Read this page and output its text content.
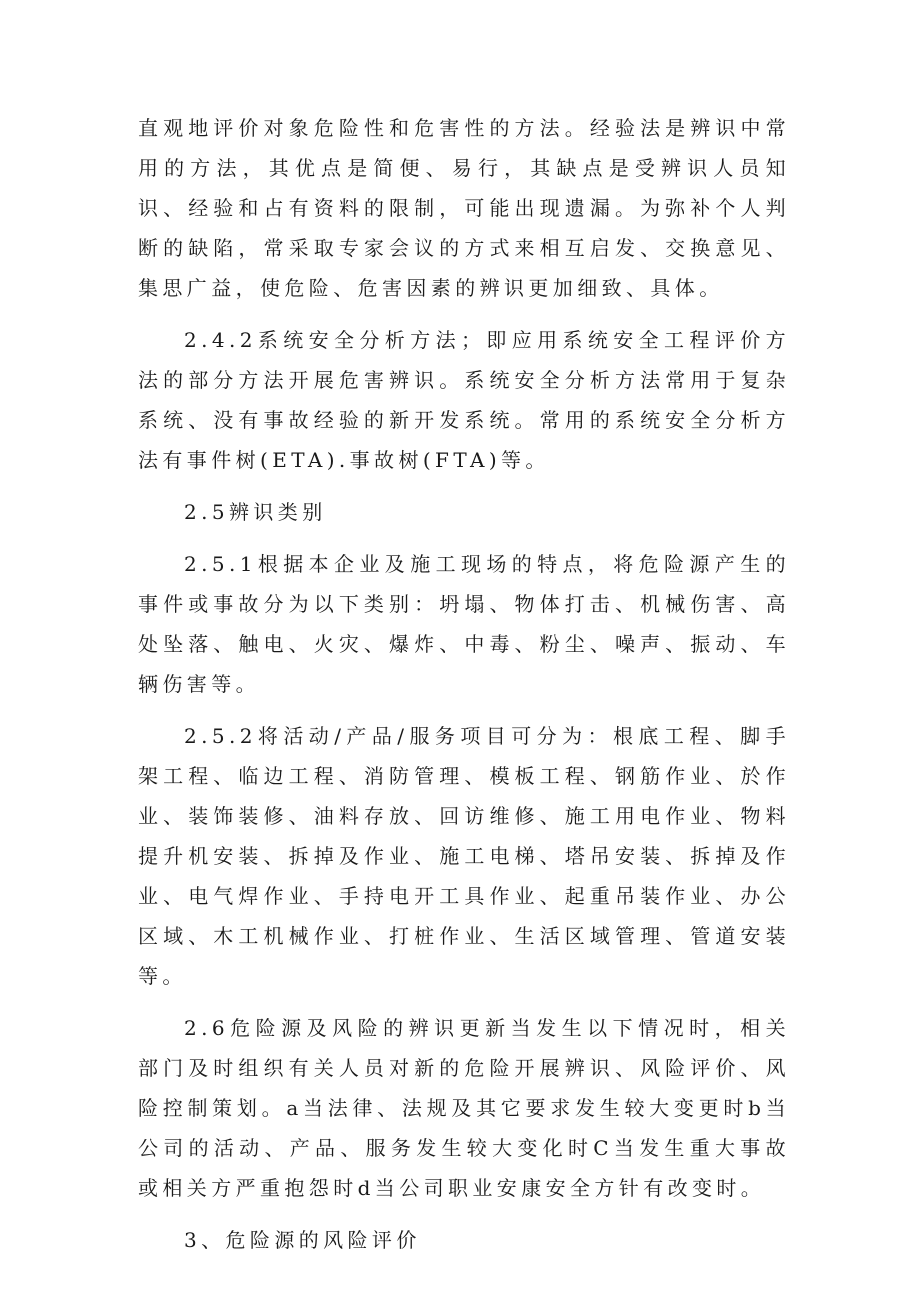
直观地评价对象危险性和危害性的方法。经验法是辨识中常用的方法，其优点是简便、易行，其缺点是受辨识人员知识、经验和占有资料的限制，可能出现遗漏。为弥补个人判断的缺陷，常采取专家会议的方式来相互启发、交换意见、集思广益，使危险、危害因素的辨识更加细致、具体。

2.4.2系统安全分析方法；即应用系统安全工程评价方法的部分方法开展危害辨识。系统安全分析方法常用于复杂系统、没有事故经验的新开发系统。常用的系统安全分析方法有事件树(ETA).事故树(FTA)等。

2.5辨识类别

2.5.1根据本企业及施工现场的特点，将危险源产生的事件或事故分为以下类别：坍塌、物体打击、机械伤害、高处坠落、触电、火灾、爆炸、中毒、粉尘、噪声、振动、车辆伤害等。

2.5.2将活动/产品/服务项目可分为：根底工程、脚手架工程、临边工程、消防管理、模板工程、钢筋作业、於作业、装饰装修、油料存放、回访维修、施工用电作业、物料提升机安装、拆掉及作业、施工电梯、塔吊安装、拆掉及作业、电气焊作业、手持电开工具作业、起重吊装作业、办公区域、木工机械作业、打桩作业、生活区域管理、管道安装等。

2.6危险源及风险的辨识更新当发生以下情况时，相关部门及时组织有关人员对新的危险开展辨识、风险评价、风险控制策划。a当法律、法规及其它要求发生较大变更时b当公司的活动、产品、服务发生较大变化时C当发生重大事故或相关方严重抱怨时d当公司职业安康安全方针有改变时。

3、危险源的风险评价
